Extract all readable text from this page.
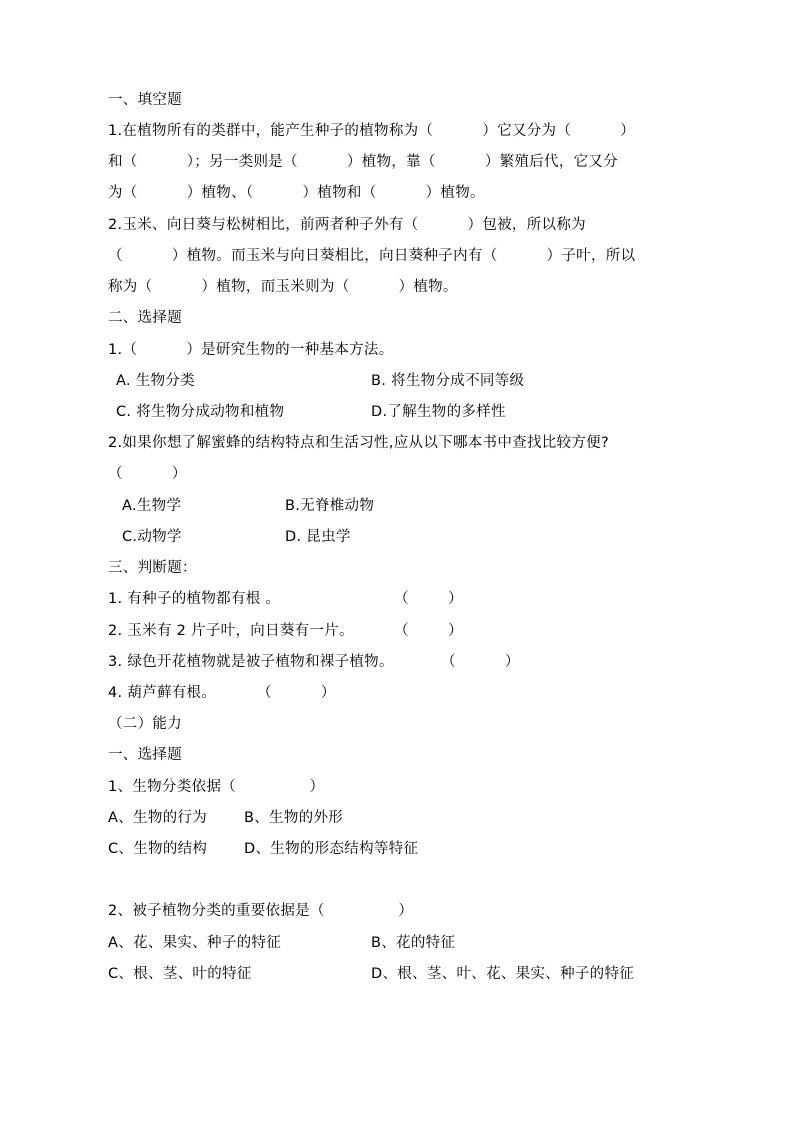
一、填空题
1.在植物所有的类群中，能产生种子的植物称为（          ）它又分为（          ）
和（          ）；另一类则是（          ）植物，靠（          ）繁殖后代，它又分
为（          ）植物、（          ）植物和（          ）植物。
2.玉米、向日葵与松树相比，前两者种子外有（          ）包被，所以称为
（          ）植物。而玉米与向日葵相比，向日葵种子内有（          ）子叶，所以
称为（          ）植物，而玉米则为（          ）植物。
二、选择题
1.（          ）是研究生物的一种基本方法。
A. 生物分类	B. 将生物分成不同等级
C. 将生物分成动物和植物	D.了解生物的多样性
2.如果你想了解蜜蜂的结构特点和生活习性,应从以下哪本书中查找比较方便?
（          ）
A.生物学	B.无脊椎动物
C.动物学	D. 昆虫学
三、判断题：
1. 有种子的植物都有根 。	（        ）
2. 玉米有 2 片子叶，向日葵有一片。	（        ）
3. 绿色开花植物就是被子植物和裸子植物。	（          ）
4. 葫芦藓有根。	（          ）
（二）能力
一、选择题
1、生物分类依据（               ）
A、生物的行为	B、生物的外形
C、生物的结构	D、生物的形态结构等特征
2、被子植物分类的重要依据是（               ）
A、花、果实、种子的特征	B、花的特征
C、根、茎、叶的特征	D、根、茎、叶、花、果实、种子的特征
